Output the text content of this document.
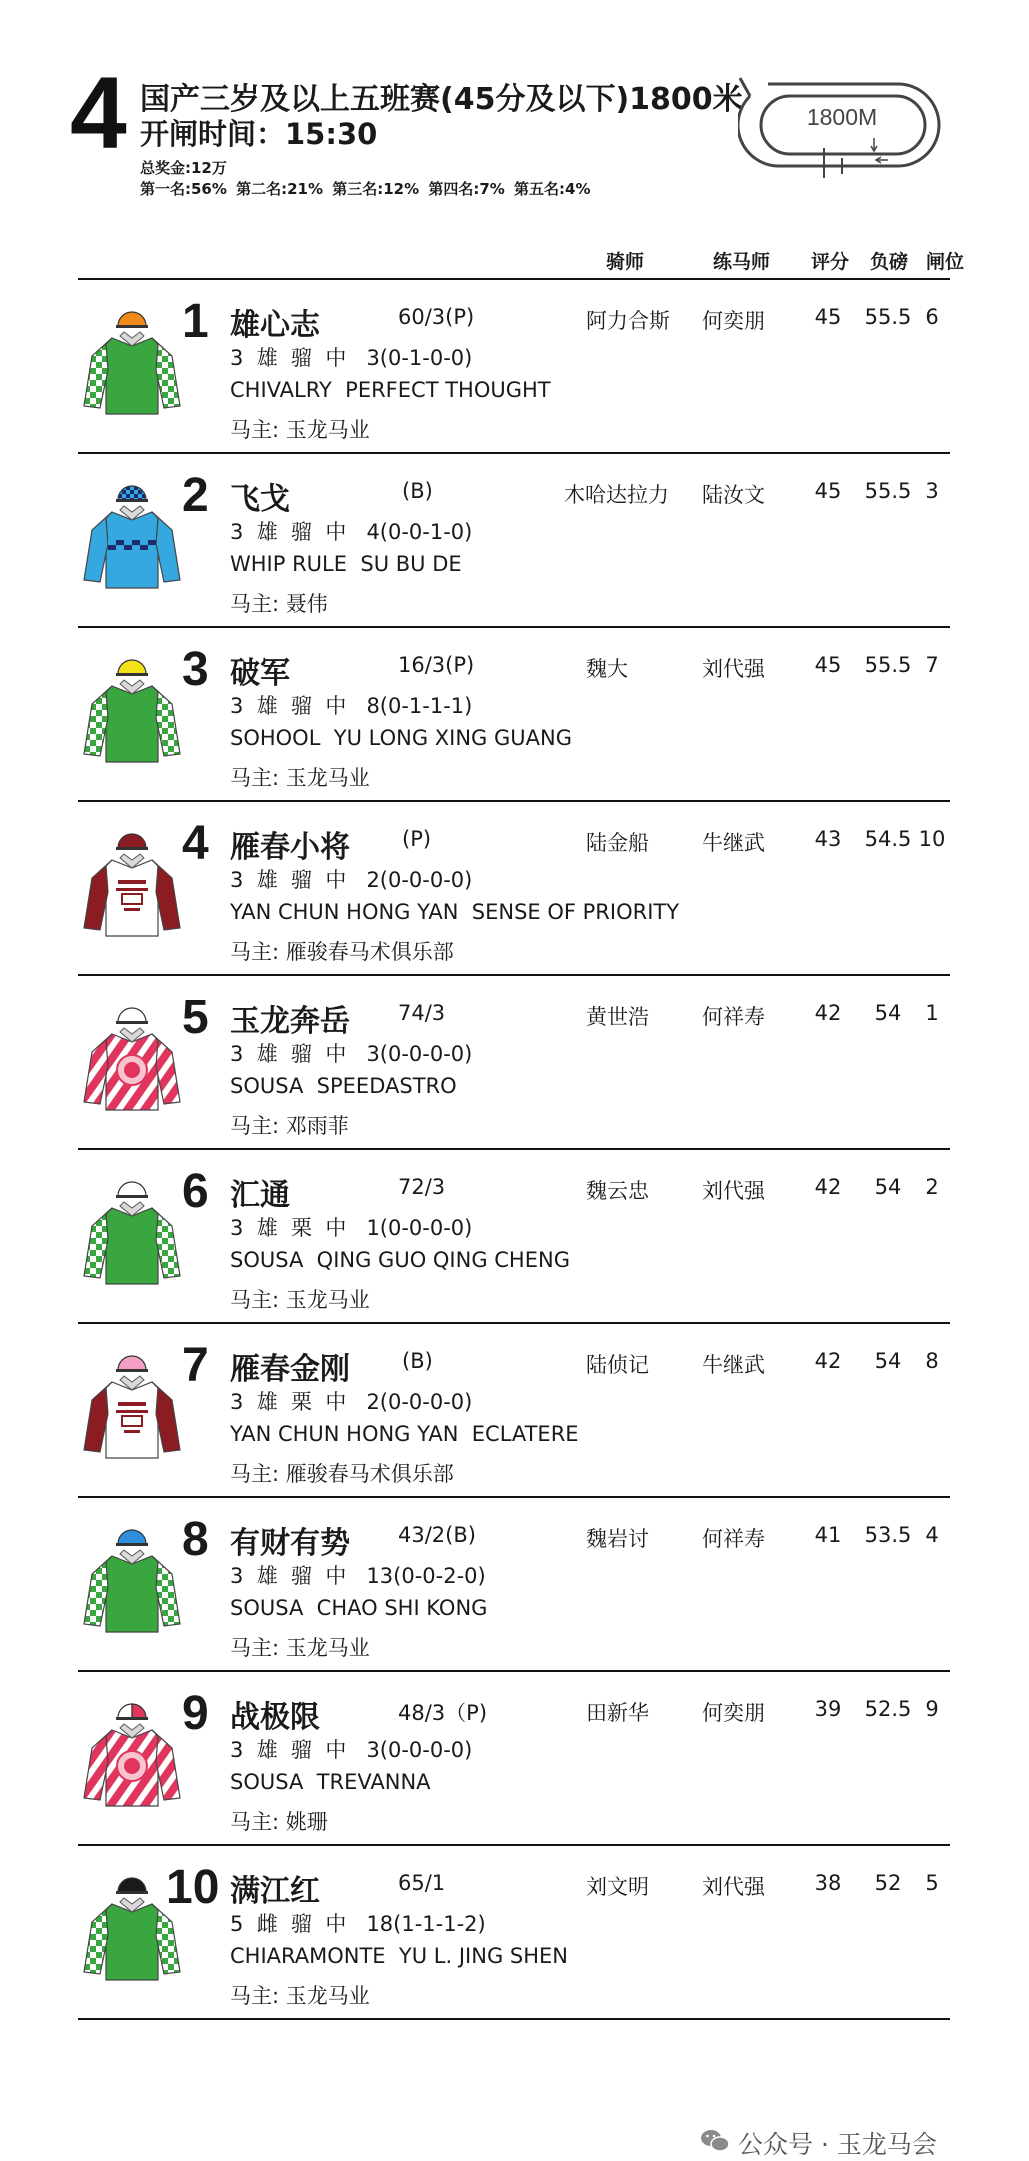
4 国产三岁及以上五班赛(45分及以下)1800米
开闸时间：15:30
总奖金:12万
第一名:56% 第二名:21% 第三名:12% 第四名:7% 第五名:4%
1800M
骑师	练马师 评分 负磅 闸位
1 雄心志	60/3(P)	阿力合斯 何奕朋	45	55.5 6
3  雄  骝  中   3(0-1-0-0)
CHIVALRY  PERFECT THOUGHT
马主: 玉龙马业
2 飞戈	(B)	木哈达拉力 陆汝文	45	55.5 3
3  雄  骝  中   4(0-0-1-0)
WHIP RULE  SU BU DE
马主: 聂伟
3 破军	16/3(P)	魏大	刘代强	45	55.5 7
3  雄  骝  中   8(0-1-1-1)
SOHOOL  YU LONG XING GUANG
马主: 玉龙马业
4 雁春小将 (P)	陆金船	牛继武	43	54.5 10
3  雄  骝  中   2(0-0-0-0)
YAN CHUN HONG YAN  SENSE OF PRIORITY
马主: 雁骏春马术俱乐部
5 玉龙奔岳 74/3	黄世浩	何祥寿	42	54	1
3  雄  骝  中   3(0-0-0-0)
SOUSA  SPEEDASTRO
马主: 邓雨菲
6 汇通	72/3	魏云忠	刘代强	42	54	2
3  雄  栗  中   1(0-0-0-0)
SOUSA  QING GUO QING CHENG
马主: 玉龙马业
7 雁春金刚 (B)	陆侦记	牛继武	42	54	8
3  雄  栗  中   2(0-0-0-0)
YAN CHUN HONG YAN  ECLATERE
马主: 雁骏春马术俱乐部
8 有财有势 43/2(B)	魏岩讨	何祥寿	41	53.5 4
3  雄  骝  中   13(0-0-2-0)
SOUSA  CHAO SHI KONG
马主: 玉龙马业
9 战极限	48/3（P)	田新华	何奕朋	39	52.5 9
3  雄  骝  中   3(0-0-0-0)
SOUSA  TREVANNA
马主: 姚珊
10 满江红	65/1	刘文明	刘代强	38	52	5
5  雌  骝  中   18(1-1-1-2)
CHIARAMONTE  YU L. JING SHEN
马主: 玉龙马业
公众号 · 玉龙马会
